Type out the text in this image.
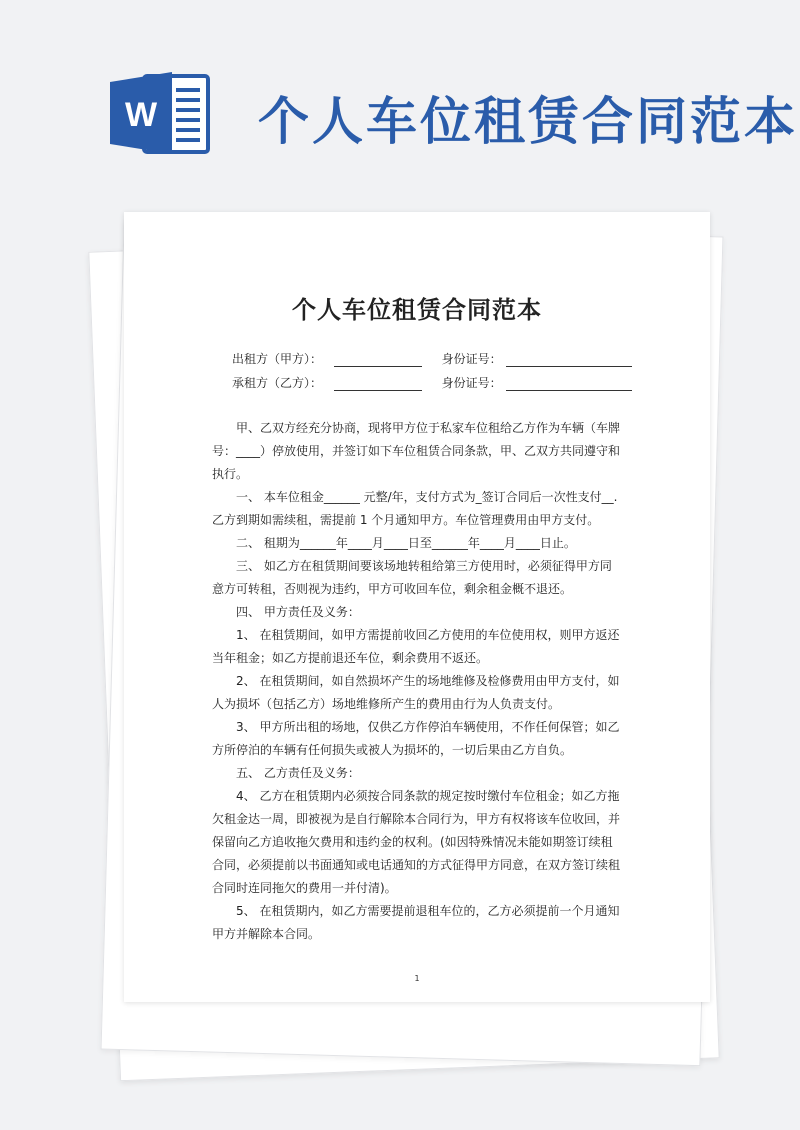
W 个人车位租赁合同范本
个人车位租赁合同范本
出租方（甲方）：	身份证号：
承租方（乙方）：	身份证号：

甲、乙双方经充分协商，现将甲方位于私家车位租给乙方作为车辆（车牌号：____）停放使用，并签订如下车位租赁合同条款，甲、乙双方共同遵守和执行。

一、 本车位租金______ 元整/年，支付方式为_签订合同后一次性支付__.乙方到期如需续租，需提前 1 个月通知甲方。车位管理费用由甲方支付。

二、 租期为______年____月____日至______年____月____日止。

三、 如乙方在租赁期间要该场地转租给第三方使用时，必须征得甲方同意方可转租，否则视为违约，甲方可收回车位，剩余租金概不退还。

四、 甲方责任及义务：

1、 在租赁期间，如甲方需提前收回乙方使用的车位使用权，则甲方返还当年租金；如乙方提前退还车位，剩余费用不返还。

2、 在租赁期间，如自然损坏产生的场地维修及检修费用由甲方支付，如人为损坏（包括乙方）场地维修所产生的费用由行为人负责支付。

3、 甲方所出租的场地，仅供乙方作停泊车辆使用，不作任何保管；如乙方所停泊的车辆有任何损失或被人为损坏的，一切后果由乙方自负。

五、 乙方责任及义务：

4、 乙方在租赁期内必须按合同条款的规定按时缴付车位租金；如乙方拖欠租金达一周，即被视为是自行解除本合同行为，甲方有权将该车位收回，并保留向乙方追收拖欠费用和违约金的权利。(如因特殊情况未能如期签订续租合同，必须提前以书面通知或电话通知的方式征得甲方同意，在双方签订续租合同时连同拖欠的费用一并付清)。

5、 在租赁期内，如乙方需要提前退租车位的，乙方必须提前一个月通知甲方并解除本合同。

1
